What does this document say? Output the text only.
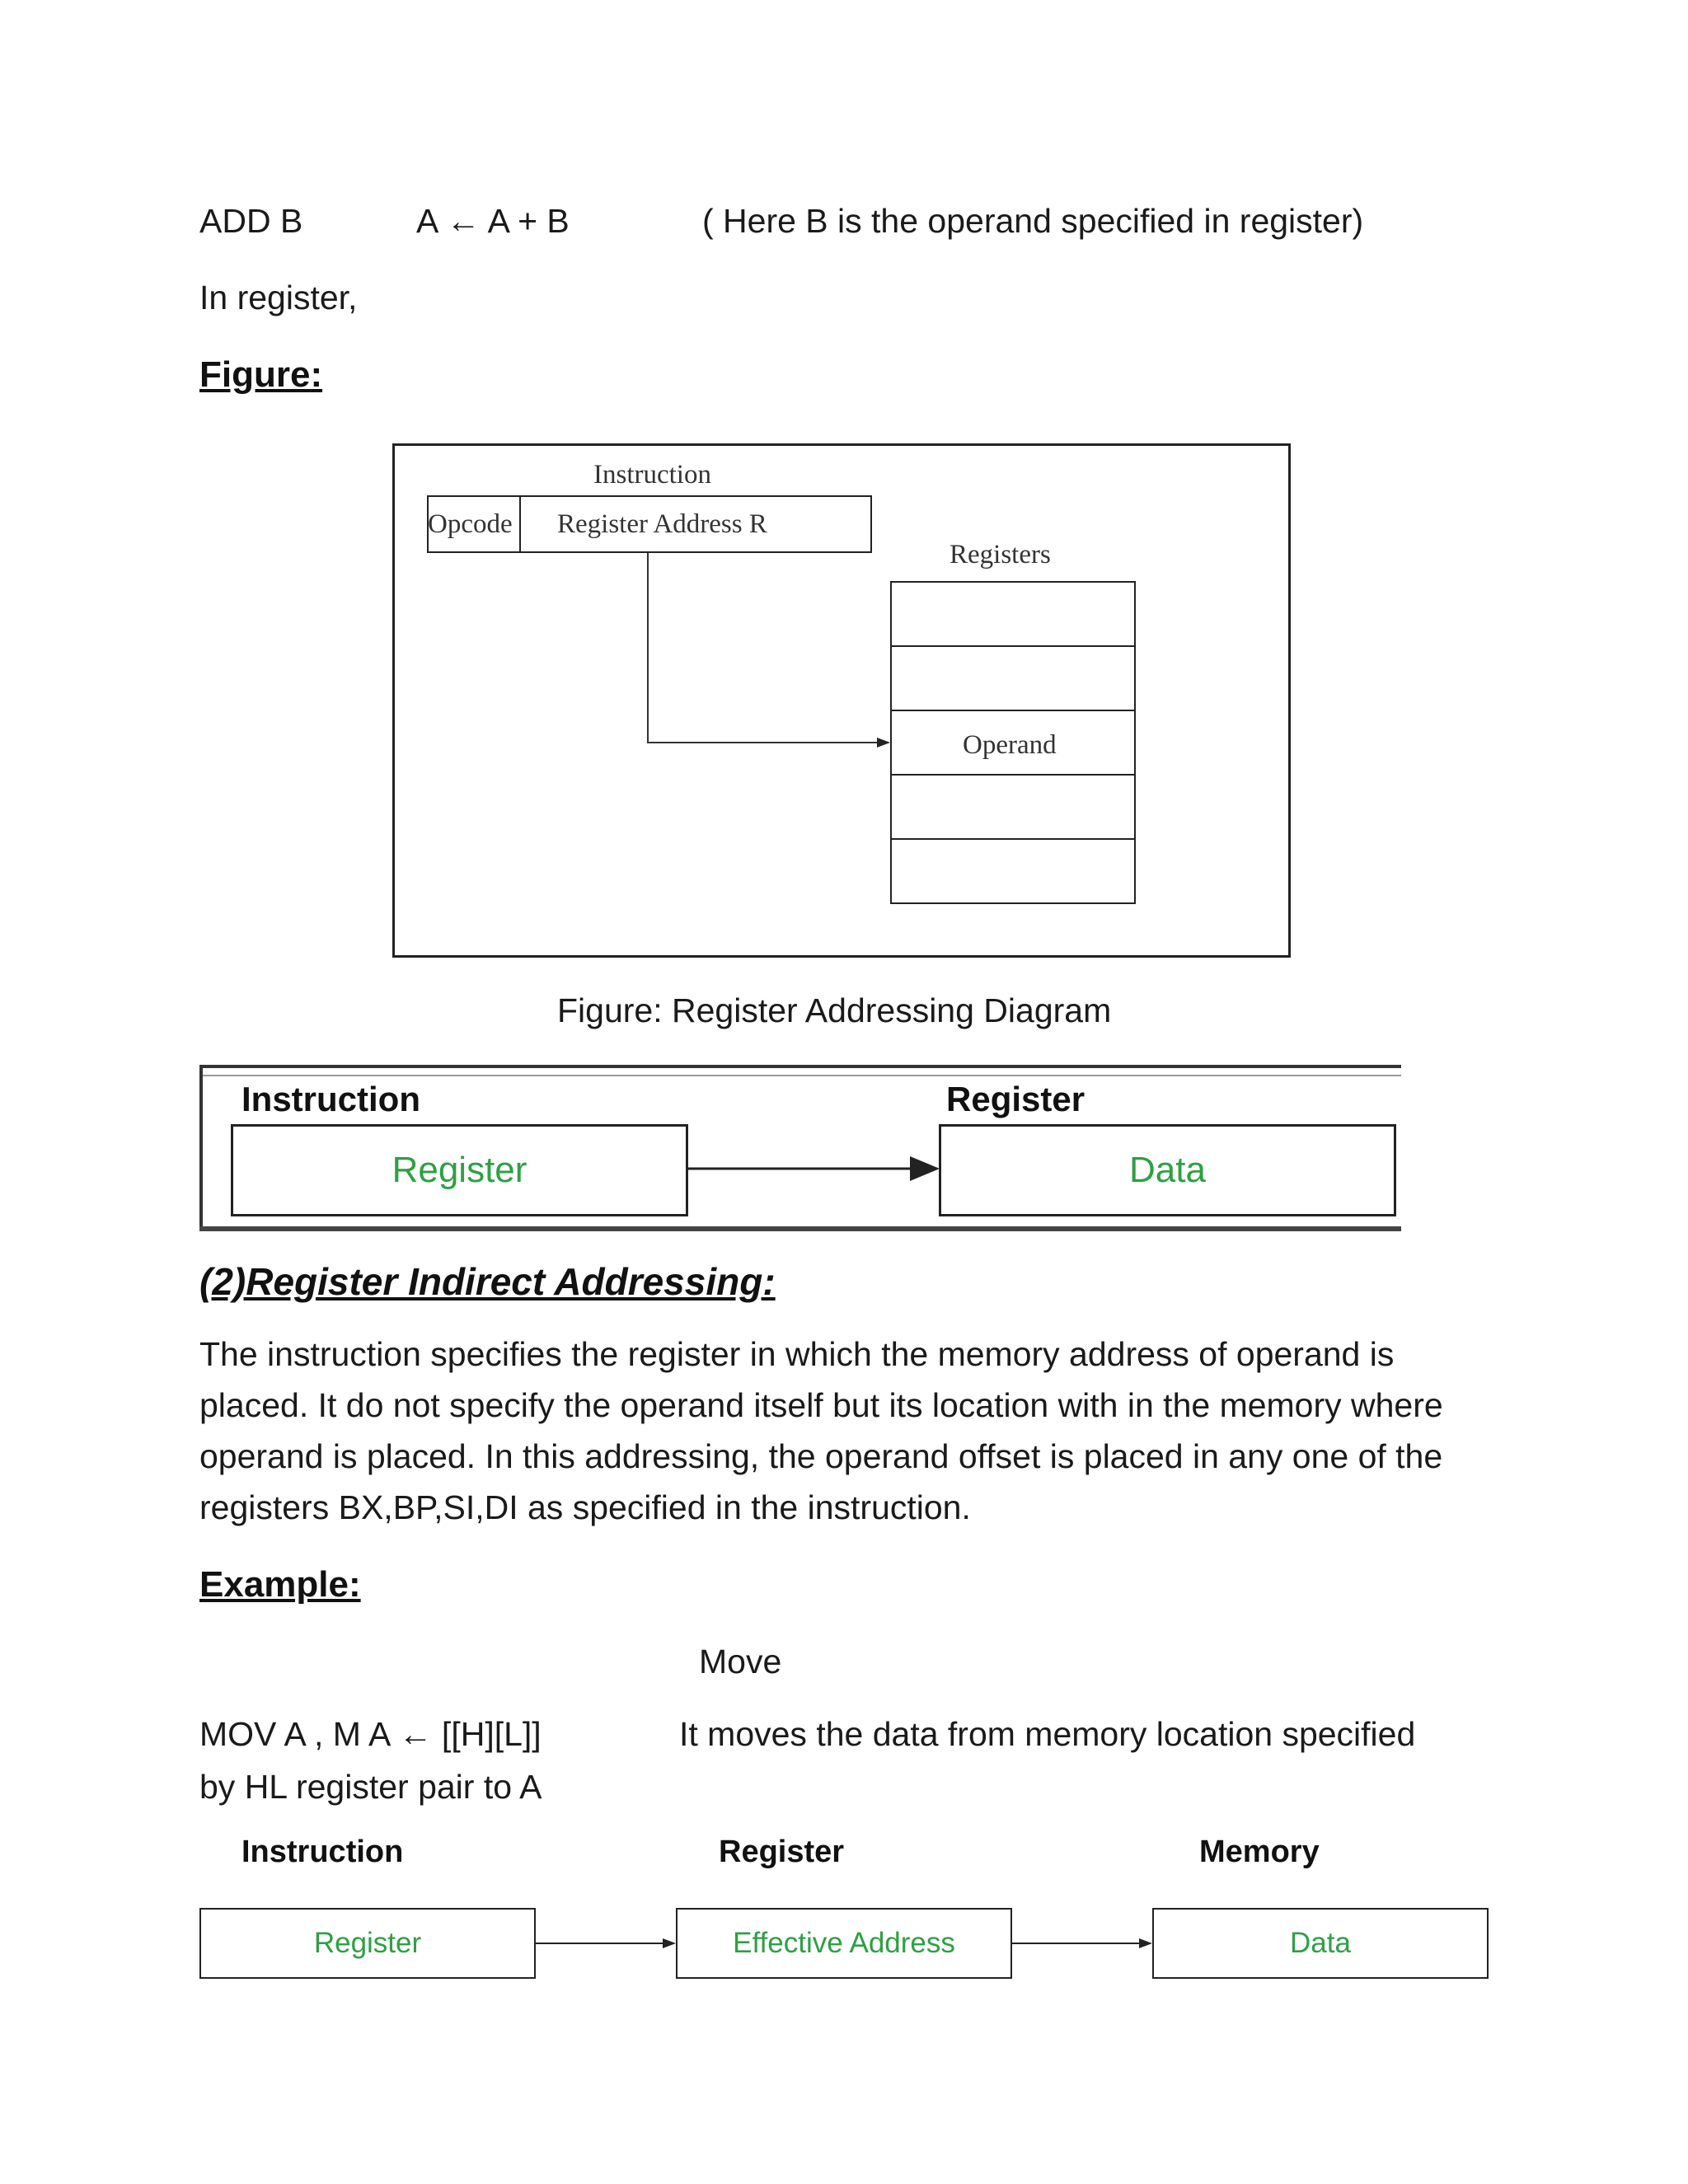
ADD B	A ← A + B	( Here B is the operand specified in register)
In register,
Figure:
Instruction
Opcode Register Address R
Registers
Operand
Figure: Register Addressing Diagram
Instruction	Register
Register	Data
(2)Register Indirect Addressing:
The instruction specifies the register in which the memory address of operand is placed. It do not specify the operand itself but its location with in the memory where operand is placed. In this addressing, the operand offset is placed in any one of the registers BX,BP,SI,DI as specified in the instruction.
Example:
Move
MOV A , M A ← [[H][L]]	It moves the data from memory location specified
by HL register pair to A
Instruction	Register	Memory
Register	Effective Address	Data
